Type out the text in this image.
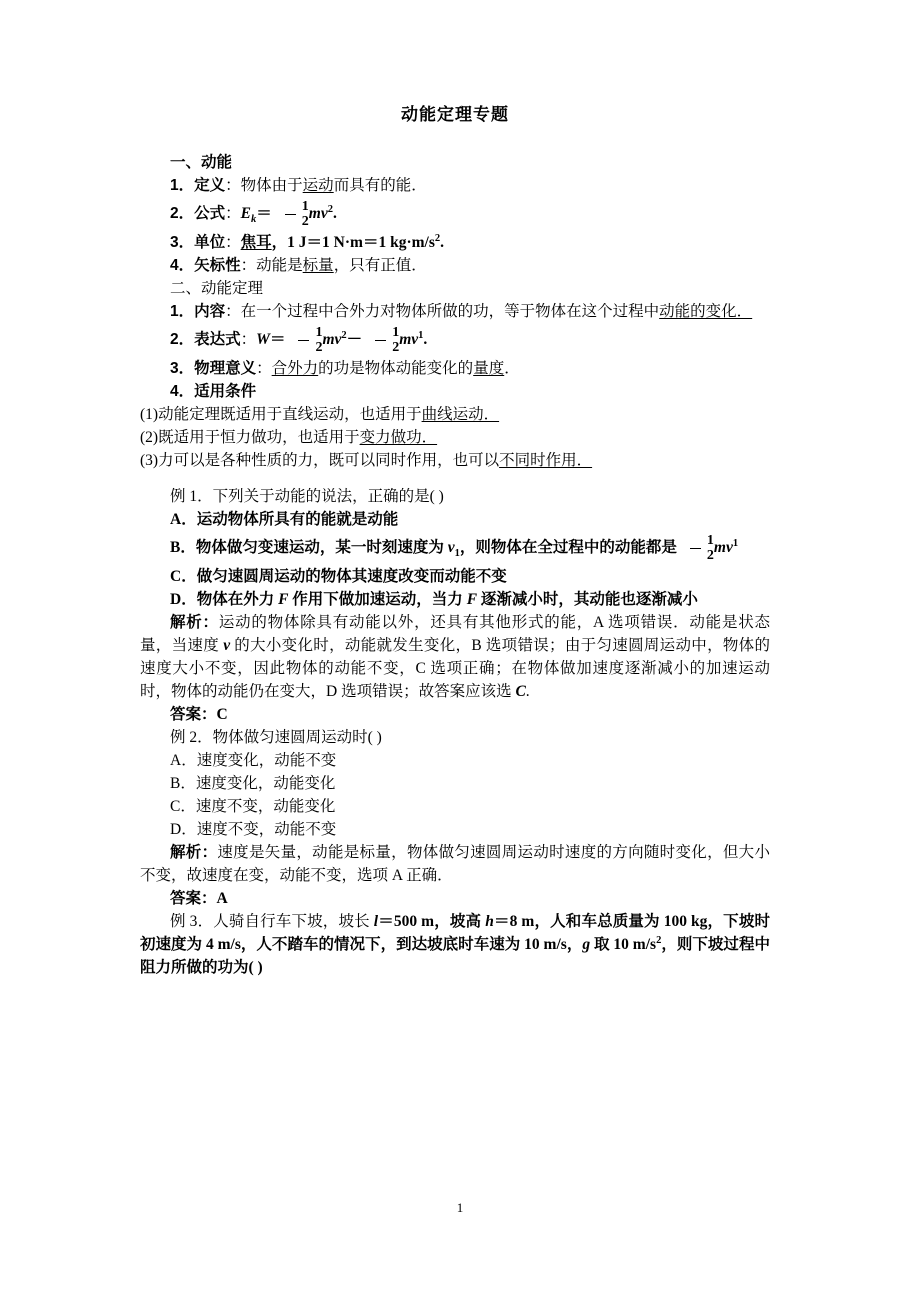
动能定理专题

一、动能

1．定义：物体由于运动而具有的能．

2．公式：$E_k= \frac{1}{2} mv^2$.

3．单位：焦耳，1 J＝1 N·m＝1 $kg\cdot m/s^2$.

4．矢标性：动能是标量，只有正值．

二、动能定理

1．内容：在一个过程中合外力对物体所做的功，等于物体在这个过程中动能的变化．

2．表达式：$W= \frac{1}{2} mv^2- \frac{1}{2} mv^1$.

3．物理意义：合外力的功是物体动能变化的量度．

4．适用条件

(1)动能定理既适用于直线运动，也适用于曲线运动．

(2)既适用于恒力做功，也适用于变力做功．

(3)力可以是各种性质的力，既可以同时作用，也可以不同时作用．

例 1．下列关于动能的说法，正确的是( )

A．运动物体所具有的能就是动能

B．物体做匀变速运动，某一时刻速度为 $v_1$，则物体在全过程中的动能都是 $\frac{1}{2} mv^1$

C．做匀速圆周运动的物体其速度改变而动能不变

D．物体在外力 F 作用下做加速运动，当力 F 逐渐减小时，其动能也逐渐减小

解析：运动的物体除具有动能以外，还具有其他形式的能，A 选项错误．动能是状态量，当速度 v 的大小变化时，动能就发生变化，B 选项错误；由于匀速圆周运动中，物体的速度大小不变，因此物体的动能不变，C 选项正确；在物体做加速度逐渐减小的加速运动时，物体的动能仍在变大，D 选项错误；故答案应该选 C.

答案：C

例 2．物体做匀速圆周运动时( )

A．速度变化，动能不变

B．速度变化，动能变化

C．速度不变，动能变化

D．速度不变，动能不变

解析：速度是矢量，动能是标量，物体做匀速圆周运动时速度的方向随时变化，但大小不变，故速度在变，动能不变，选项 A 正确．

答案：A

例 3．人骑自行车下坡，坡长 l＝500 m，坡高 h＝8 m，人和车总质量为 100 kg，下坡时初速度为 4 m/s，人不踏车的情况下，到达坡底时车速为 10 m/s，g 取 10 $m/s^2$，则下坡过程中阻力所做的功为( )

1
